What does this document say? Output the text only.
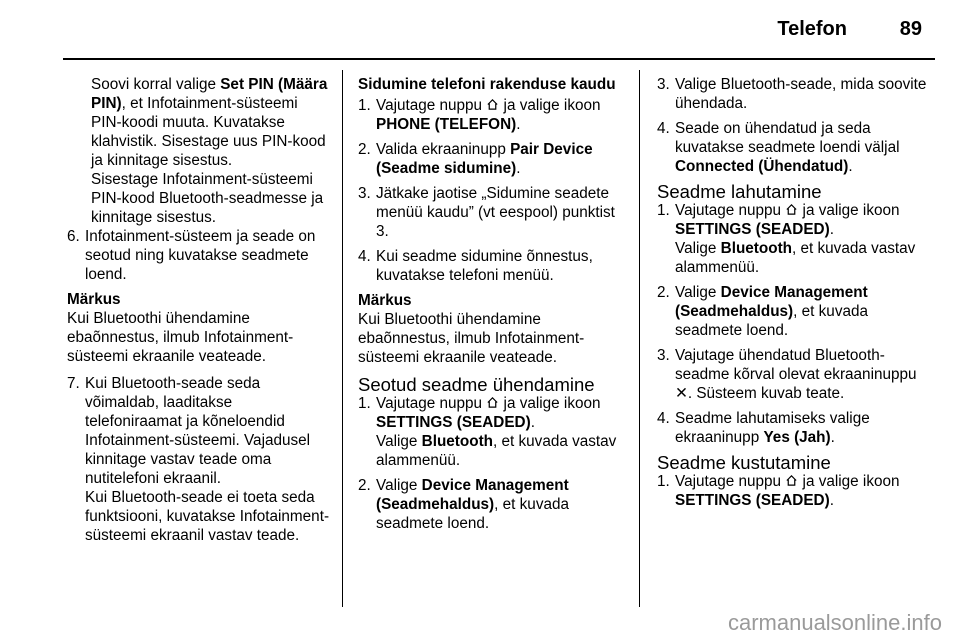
Telefon	89

Soovi korral valige Set PIN (Määra PIN), et Infotainment-süsteemi PIN-koodi muuta. Kuvatakse klahvistik. Sisestage uus PIN-kood ja kinnitage sisestus.

Sisestage Infotainment-süsteemi PIN-kood Bluetooth-seadmesse ja kinnitage sisestus.

6. Infotainment-süsteem ja seade on seotud ning kuvatakse seadmete loend.

Märkus

Kui Bluetoothi ühendamine ebaõnnestus, ilmub Infotainment-süsteemi ekraanile veateade.

7. Kui Bluetooth-seade seda võimaldab, laaditakse telefoniraamat ja kõneloendid Infotainment-süsteemi. Vajadusel kinnitage vastav teade oma nutitelefoni ekraanil.

Kui Bluetooth-seade ei toeta seda funktsiooni, kuvatakse Infotainment-süsteemi ekraanil vastav teade.

Sidumine telefoni rakenduse kaudu

1. Vajutage nuppu  ja valige ikoon PHONE (TELEFON).
2. Valida ekraaninupp Pair Device (Seadme sidumine).
3. Jätkake jaotise „Sidumine seadete menüü kaudu” (vt eespool) punktist 3.
4. Kui seadme sidumine õnnestus, kuvatakse telefoni menüü.

Märkus

Kui Bluetoothi ühendamine ebaõnnestus, ilmub Infotainment-süsteemi ekraanile veateade.

Seotud seadme ühendamine

1. Vajutage nuppu  ja valige ikoon SETTINGS (SEADED).

Valige Bluetooth, et kuvada vastav alammenüü.

2. Valige Device Management (Seadmehaldus), et kuvada seadmete loend.
3. Valige Bluetooth-seade, mida soovite ühendada.
4. Seade on ühendatud ja seda kuvatakse seadmete loendi väljal Connected (Ühendatud).

Seadme lahutamine

1. Vajutage nuppu  ja valige ikoon SETTINGS (SEADED).

Valige Bluetooth, et kuvada vastav alammenüü.

2. Valige Device Management (Seadmehaldus), et kuvada seadmete loend.
3. Vajutage ühendatud Bluetooth-seadme kõrval olevat ekraaninuppu ✕. Süsteem kuvab teate.
4. Seadme lahutamiseks valige ekraaninupp Yes (Jah).

Seadme kustutamine

1. Vajutage nuppu  ja valige ikoon SETTINGS (SEADED).
carmanualsonline.info
